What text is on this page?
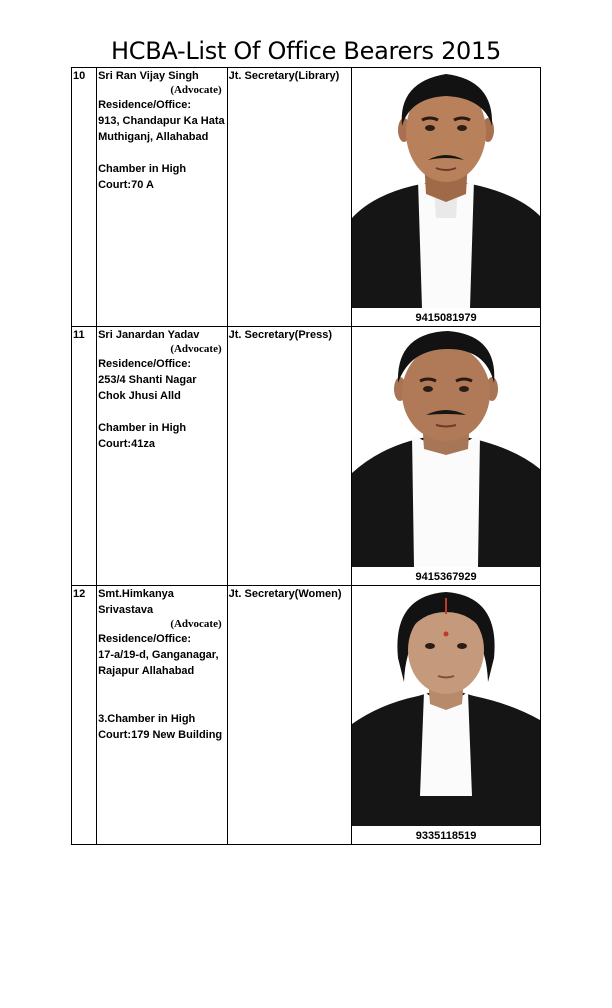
HCBA-List Of Office Bearers 2015
10	Sri Ran Vijay Singh
(Advocate)
Residence/Office:
913, Chandapur Ka Hata Muthiganj, Allahabad
Chamber in High Court:70 A	Jt. Secretary(Library)	9415081979

11	Sri Janardan Yadav
(Advocate)
Residence/Office:
253/4 Shanti Nagar Chok Jhusi Alld
Chamber in High Court:41za	Jt. Secretary(Press)	9415367929

12	Smt.Himkanya Srivastava
(Advocate)
Residence/Office:
17-a/19-d, Ganganagar, Rajapur Allahabad
3.Chamber in High Court:179 New Building	Jt. Secretary(Women)	9335118519
